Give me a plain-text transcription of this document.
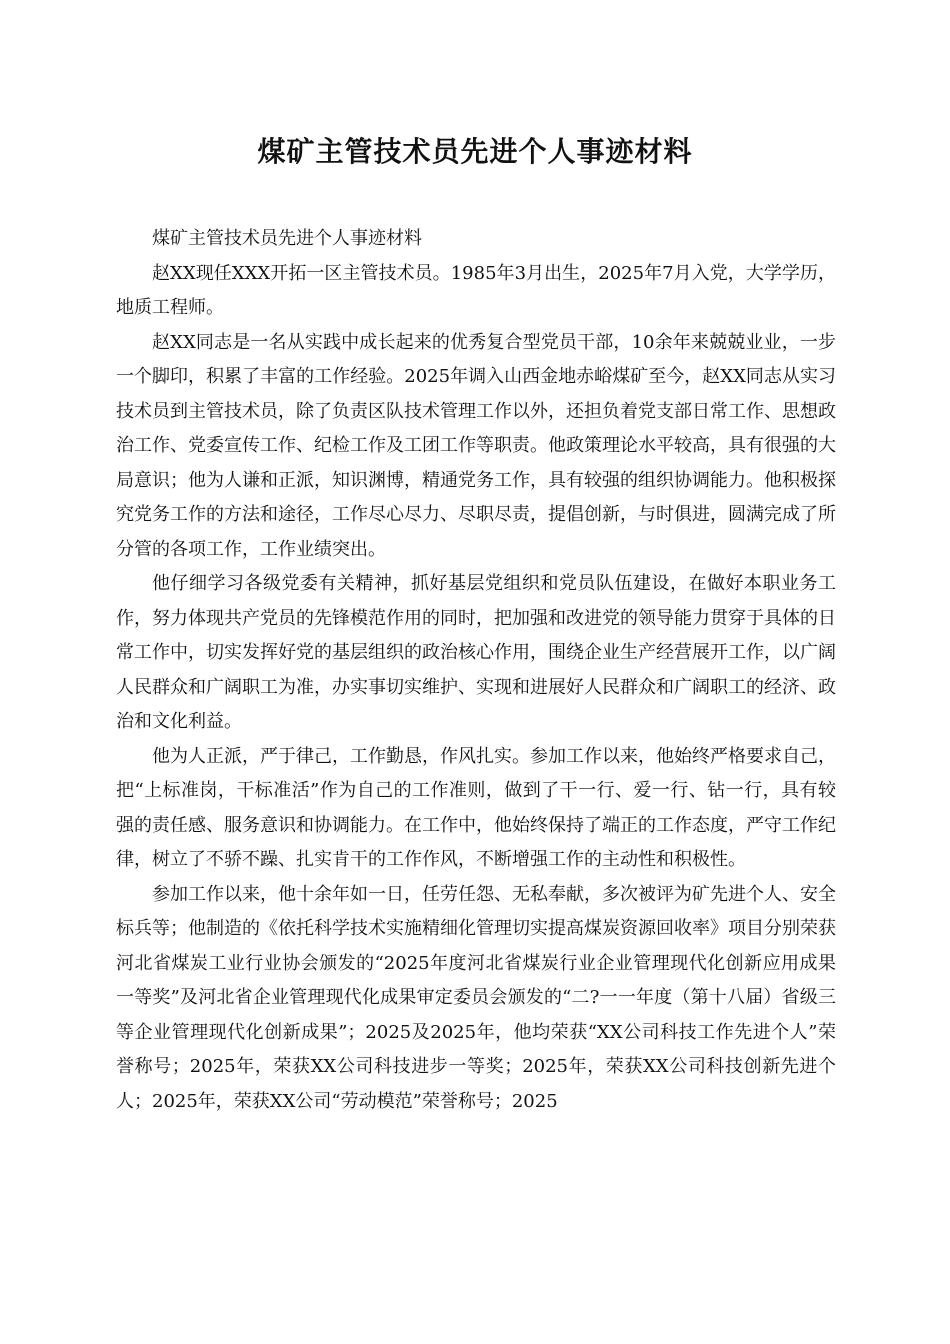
煤矿主管技术员先进个人事迹材料

煤矿主管技术员先进个人事迹材料

赵XX现任XXX开拓一区主管技术员。1985年3月出生，2025年7月入党，大学学历，地质工程师。

赵XX同志是一名从实践中成长起来的优秀复合型党员干部，10余年来兢兢业业，一步一个脚印，积累了丰富的工作经验。2025年调入山西金地赤峪煤矿至今，赵XX同志从实习技术员到主管技术员，除了负责区队技术管理工作以外，还担负着党支部日常工作、思想政治工作、党委宣传工作、纪检工作及工团工作等职责。他政策理论水平较高，具有很强的大局意识；他为人谦和正派，知识渊博，精通党务工作，具有较强的组织协调能力。他积极探究党务工作的方法和途径，工作尽心尽力、尽职尽责，提倡创新，与时俱进，圆满完成了所分管的各项工作，工作业绩突出。

他仔细学习各级党委有关精神，抓好基层党组织和党员队伍建设，在做好本职业务工作，努力体现共产党员的先锋模范作用的同时，把加强和改进党的领导能力贯穿于具体的日常工作中，切实发挥好党的基层组织的政治核心作用，围绕企业生产经营展开工作，以广阔人民群众和广阔职工为准，办实事切实维护、实现和进展好人民群众和广阔职工的经济、政治和文化利益。

他为人正派，严于律己，工作勤恳，作风扎实。参加工作以来，他始终严格要求自己，把“上标准岗，干标准活”作为自己的工作准则，做到了干一行、爱一行、钻一行，具有较强的责任感、服务意识和协调能力。在工作中，他始终保持了端正的工作态度，严守工作纪律，树立了不骄不躁、扎实肯干的工作作风，不断增强工作的主动性和积极性。

参加工作以来，他十余年如一日，任劳任怨、无私奉献，多次被评为矿先进个人、安全标兵等；他制造的《依托科学技术实施精细化管理切实提高煤炭资源回收率》项目分别荣获河北省煤炭工业行业协会颁发的“2025年度河北省煤炭行业企业管理现代化创新应用成果一等奖”及河北省企业管理现代化成果审定委员会颁发的“二?一一年度（第十八届）省级三等企业管理现代化创新成果”；2025及2025年，他均荣获“XX公司科技工作先进个人”荣誉称号；2025年，荣获XX公司科技进步一等奖；2025年，荣获XX公司科技创新先进个人；2025年，荣获XX公司“劳动模范”荣誉称号；2025
